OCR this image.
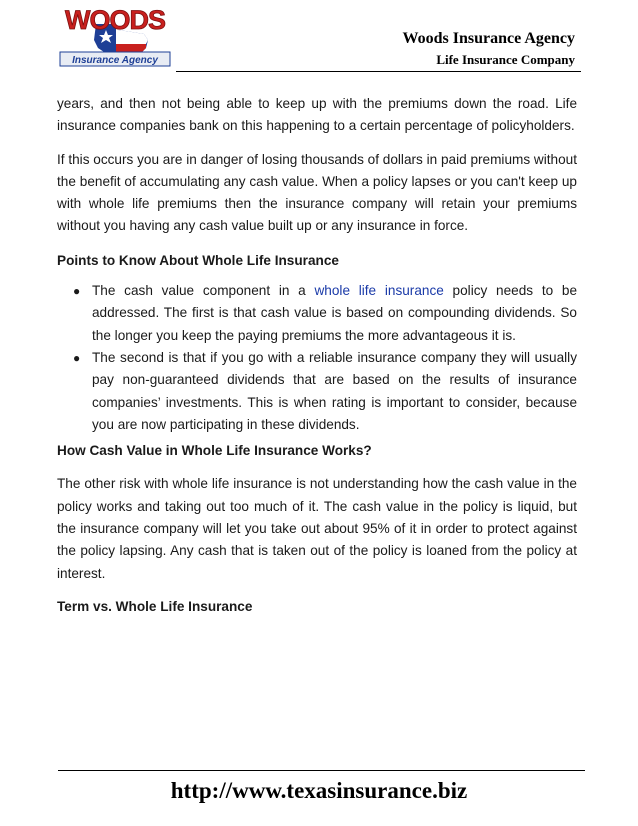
WOODS
Insurance Agency
Woods Insurance Agency
Life Insurance Company

years, and then not being able to keep up with the premiums down the road. Life insurance companies bank on this happening to a certain percentage of policyholders.

If this occurs you are in danger of losing thousands of dollars in paid premiums without the benefit of accumulating any cash value. When a policy lapses or you can't keep up with whole life premiums then the insurance company will retain your premiums without you having any cash value built up or any insurance in force.

Points to Know About Whole Life Insurance
● The cash value component in a whole life insurance policy needs to be addressed. The first is that cash value is based on compounding dividends. So the longer you keep the paying premiums the more advantageous it is.
● The second is that if you go with a reliable insurance company they will usually pay non-guaranteed dividends that are based on the results of insurance companies’ investments. This is when rating is important to consider, because you are now participating in these dividends.
How Cash Value in Whole Life Insurance Works?

The other risk with whole life insurance is not understanding how the cash value in the policy works and taking out too much of it. The cash value in the policy is liquid, but the insurance company will let you take out about 95% of it in order to protect against the policy lapsing. Any cash that is taken out of the policy is loaned from the policy at interest.

Term vs. Whole Life Insurance
http://www.texasinsurance.biz
